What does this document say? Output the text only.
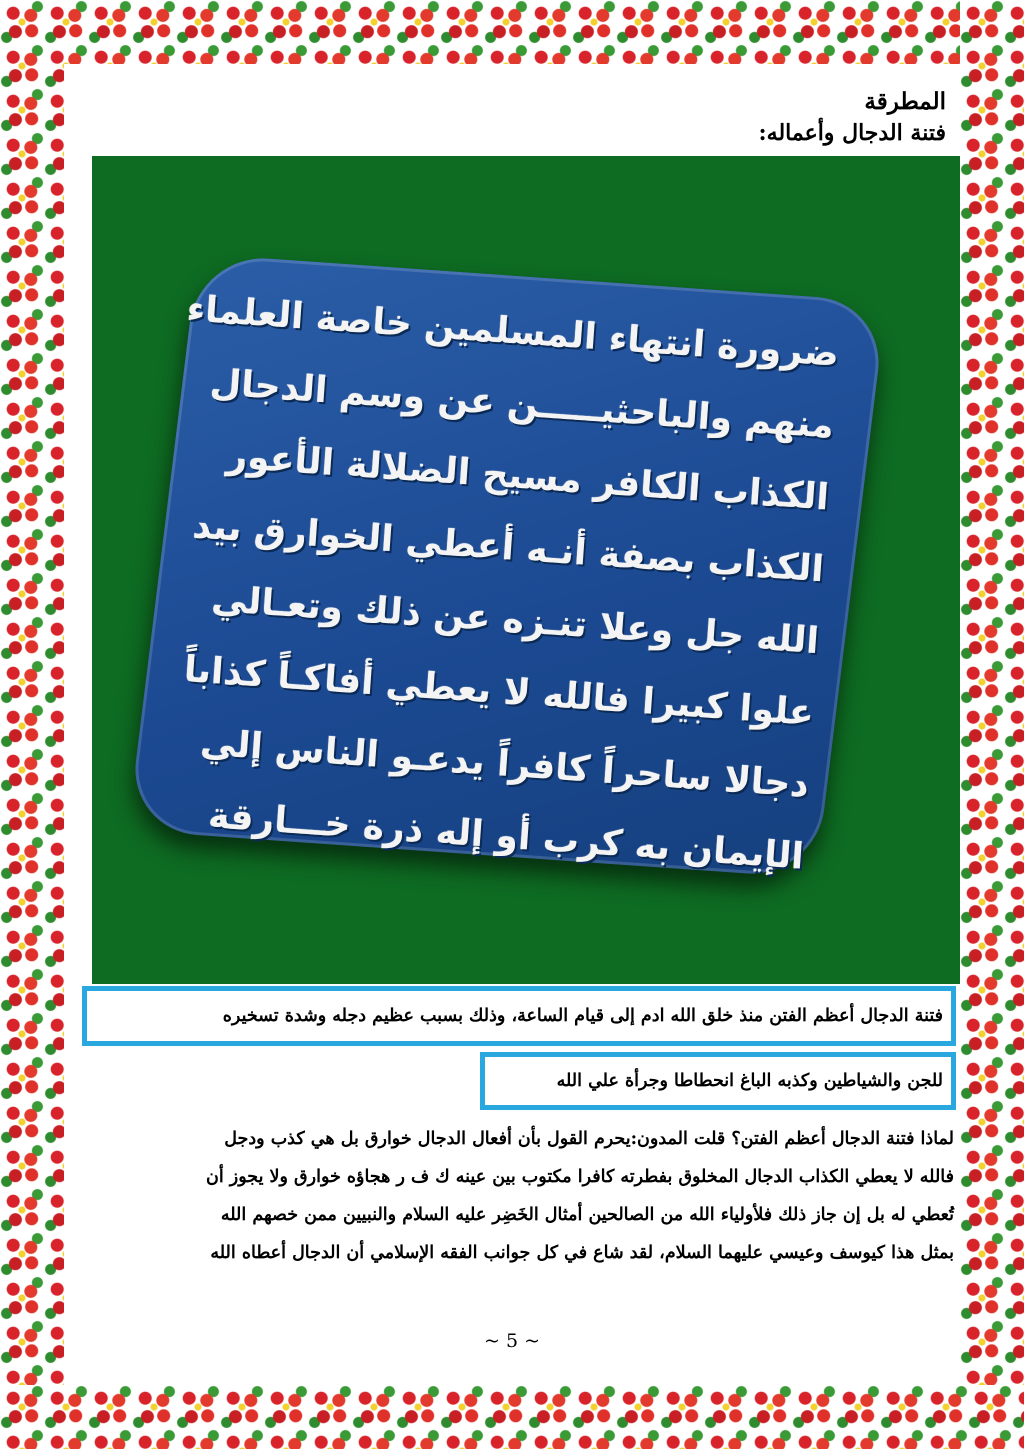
المطرقة
فتنة الدجال وأعماله:
ضرورة انتهاء المسلمين خاصة العلماء
منهم والباحثيـــــن عن وسم الدجال
الكذاب الكافر مسيح الضلالة الأعور
الكذاب بصفة أنـه أعطي الخوارق بيد
الله جل وعلا تنـزه عن ذلك وتعـالي
علوا كبيرا فالله لا يعطي أفاكـاً كذاباً
دجالا ساحراً كافراً يدعـو الناس إلي
الإيمان به كرب أو إله ذرة خـــارقة
فتنة الدجال أعظم الفتن منذ خلق الله ادم إلى قيام الساعة، وذلك بسبب عظيم دجله وشدة تسخيره
للجن والشياطين وكذبه الباغ انحطاطا وجرأة علي الله
لماذا فتنة الدجال أعظم الفتن؟ قلت المدون:يحرم القول بأن أفعال الدجال خوارق بل هي كذب ودجل
فالله لا يعطي الكذاب الدجال المخلوق بفطرته كافرا مكتوب بين عينه ك ف ر هجاؤه خوارق ولا يجوز أن
تُعطي له بل إن جاز ذلك فلأولياء الله من الصالحين أمثال الخَضِر عليه السلام والنبيين ممن خصهم الله
بمثل هذا كيوسف وعيسي عليهما السلام، لقد شاع في كل جوانب الفقه الإسلامي أن الدجال أعطاه الله
~ 5 ~
